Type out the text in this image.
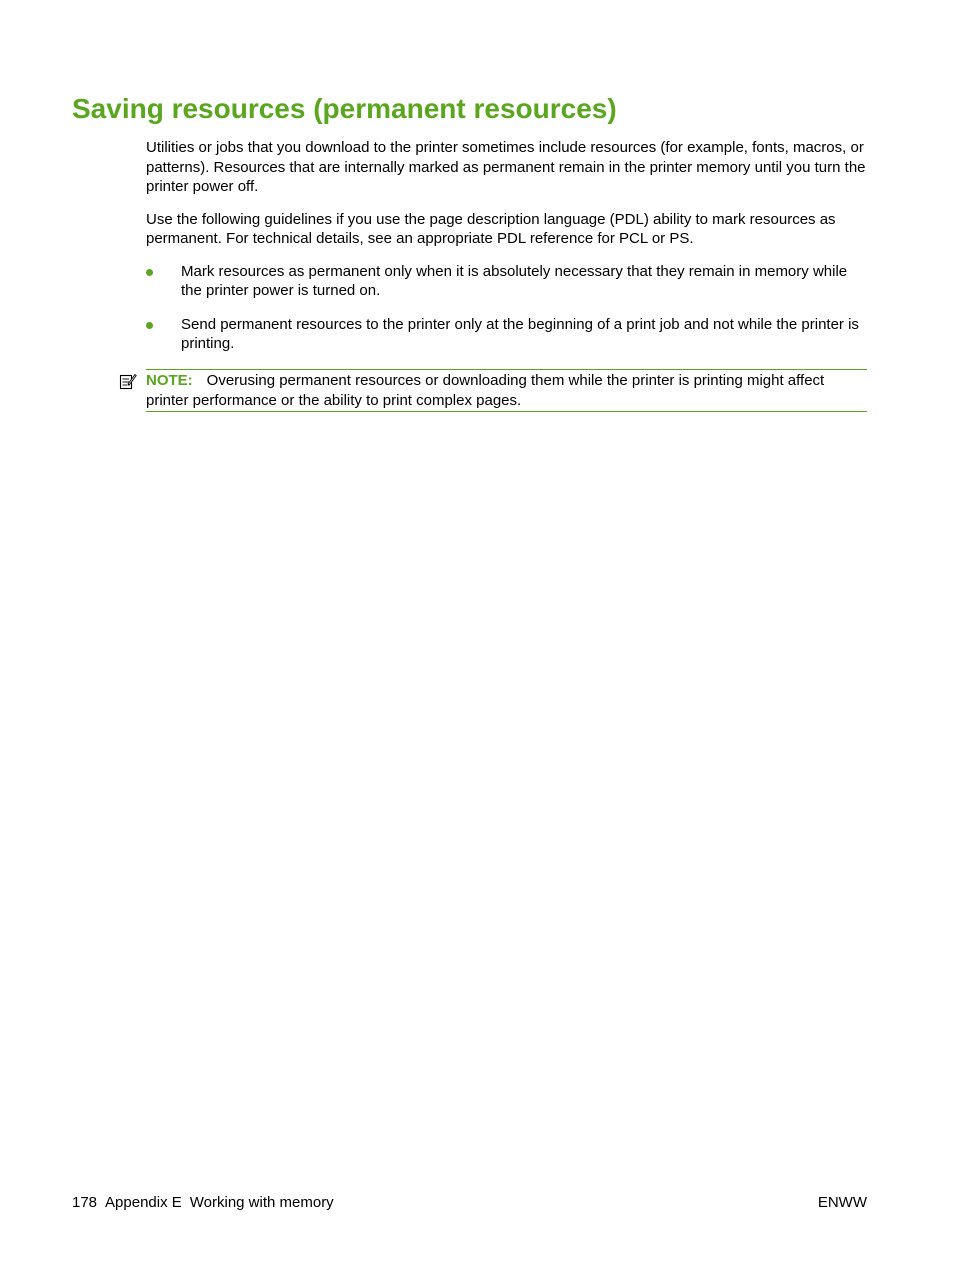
Saving resources (permanent resources)

Utilities or jobs that you download to the printer sometimes include resources (for example, fonts, macros, or patterns). Resources that are internally marked as permanent remain in the printer memory until you turn the printer power off.

Use the following guidelines if you use the page description language (PDL) ability to mark resources as permanent. For technical details, see an appropriate PDL reference for PCL or PS.

Mark resources as permanent only when it is absolutely necessary that they remain in memory while the printer power is turned on.
Send permanent resources to the printer only at the beginning of a print job and not while the printer is printing.
NOTE: Overusing permanent resources or downloading them while the printer is printing might affect printer performance or the ability to print complex pages.
178 Appendix E Working with memory	ENWW
